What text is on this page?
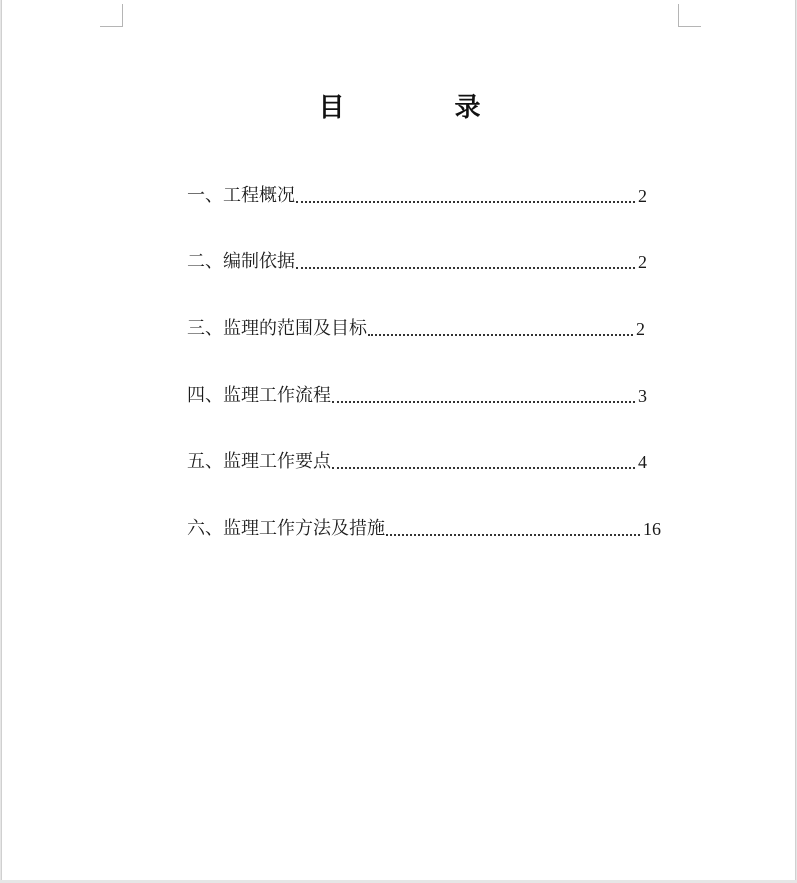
目　录
一、工程概况	2
二、编制依据	2
三、监理的范围及目标	2
四、监理工作流程	3
五、监理工作要点	4
六、监理工作方法及措施	16
